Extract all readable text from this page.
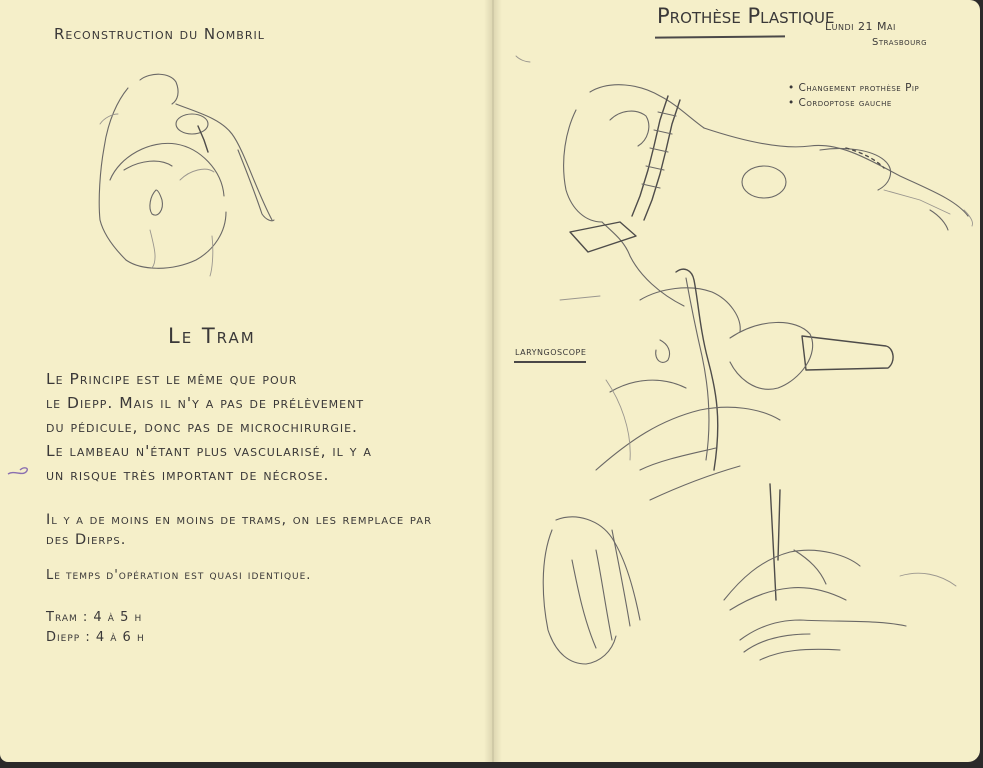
Reconstruction du Nombril
Le Tram
Le Principe est le même que pour
le Diepp. Mais il n'y a pas de prélèvement
du pédicule, donc pas de microchirurgie.
Le lambeau n'étant plus vascularisé, il y a
un risque très important de nécrose.
Il y a de moins en moins de trams, on les remplace par
des Dierps.
Le temps d'opération est quasi identique.
Tram : 4 à 5 h
Diepp : 4 à 6 h
Prothèse Plastique
Lundi 21 Mai
Strasbourg
• Changement prothèse Pip
• Cordoptose gauche
laryngoscope
